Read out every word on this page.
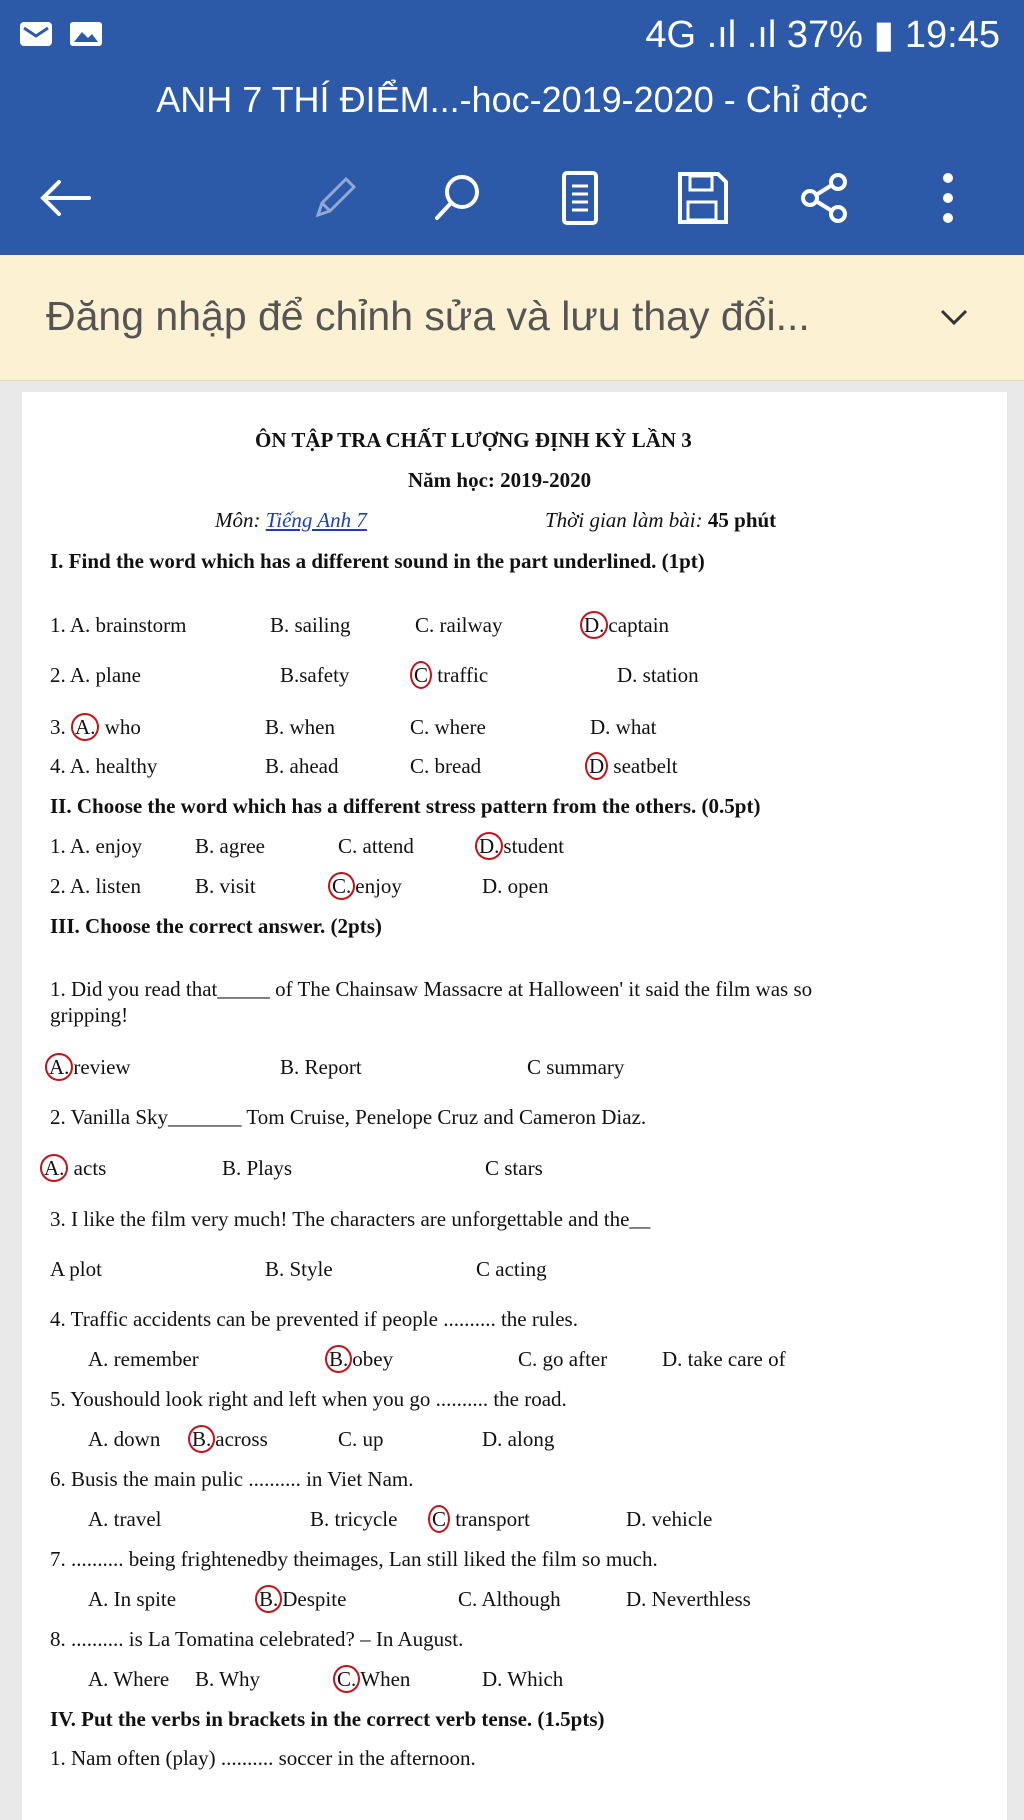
4G .ıl .ıl 37% ▮ 19:45
ANH 7 THÍ ĐIỂM...-hoc-2019-2020 - Chỉ đọc
Đăng nhập để chỉnh sửa và lưu thay đổi...
ÔN TẬP TRA CHẤT LƯỢNG ĐỊNH KỲ LẦN 3
Năm học: 2019-2020
Môn: Tiếng Anh 7	Thời gian làm bài: 45 phút
I. Find the word which has a different sound in the part underlined. (1pt)
1. A. brainstorm	B. sailing	C. railway	D. captain
2. A. plane	B.safety	C traffic	D. station
3. A. who	B. when	C. where	D. what
4. A. healthy	B. ahead	C. bread	D seatbelt
II. Choose the word which has a different stress pattern from the others. (0.5pt)
1. A. enjoy	B. agree	C. attend	D. student
2. A. listen	B. visit	C. enjoy	D. open
III. Choose the correct answer. (2pts)
1. Did you read that_____ of The Chainsaw Massacre at Halloween' it said the film was so
gripping!
A. review	B. Report	C summary
2. Vanilla Sky_______ Tom Cruise, Penelope Cruz and Cameron Diaz.
A. acts	B. Plays	C stars
3. I like the film very much! The characters are unforgettable and the__
A plot	B. Style	C acting
4. Traffic accidents can be prevented if people .......... the rules.
A. remember	B. obey	C. go after	D. take care of
5. Youshould look right and left when you go .......... the road.
A. down B. across	C. up	D. along
6. Busis the main pulic .......... in Viet Nam.
A. travel	B. tricycle C transport	D. vehicle
7. .......... being frightenedby theimages, Lan still liked the film so much.
A. In spite	B. Despite	C. Although	D. Neverthless
8. .......... is La Tomatina celebrated? – In August.
A. Where B. Why	C. When	D. Which
IV. Put the verbs in brackets in the correct verb tense. (1.5pts)
1. Nam often (play) .......... soccer in the afternoon.
